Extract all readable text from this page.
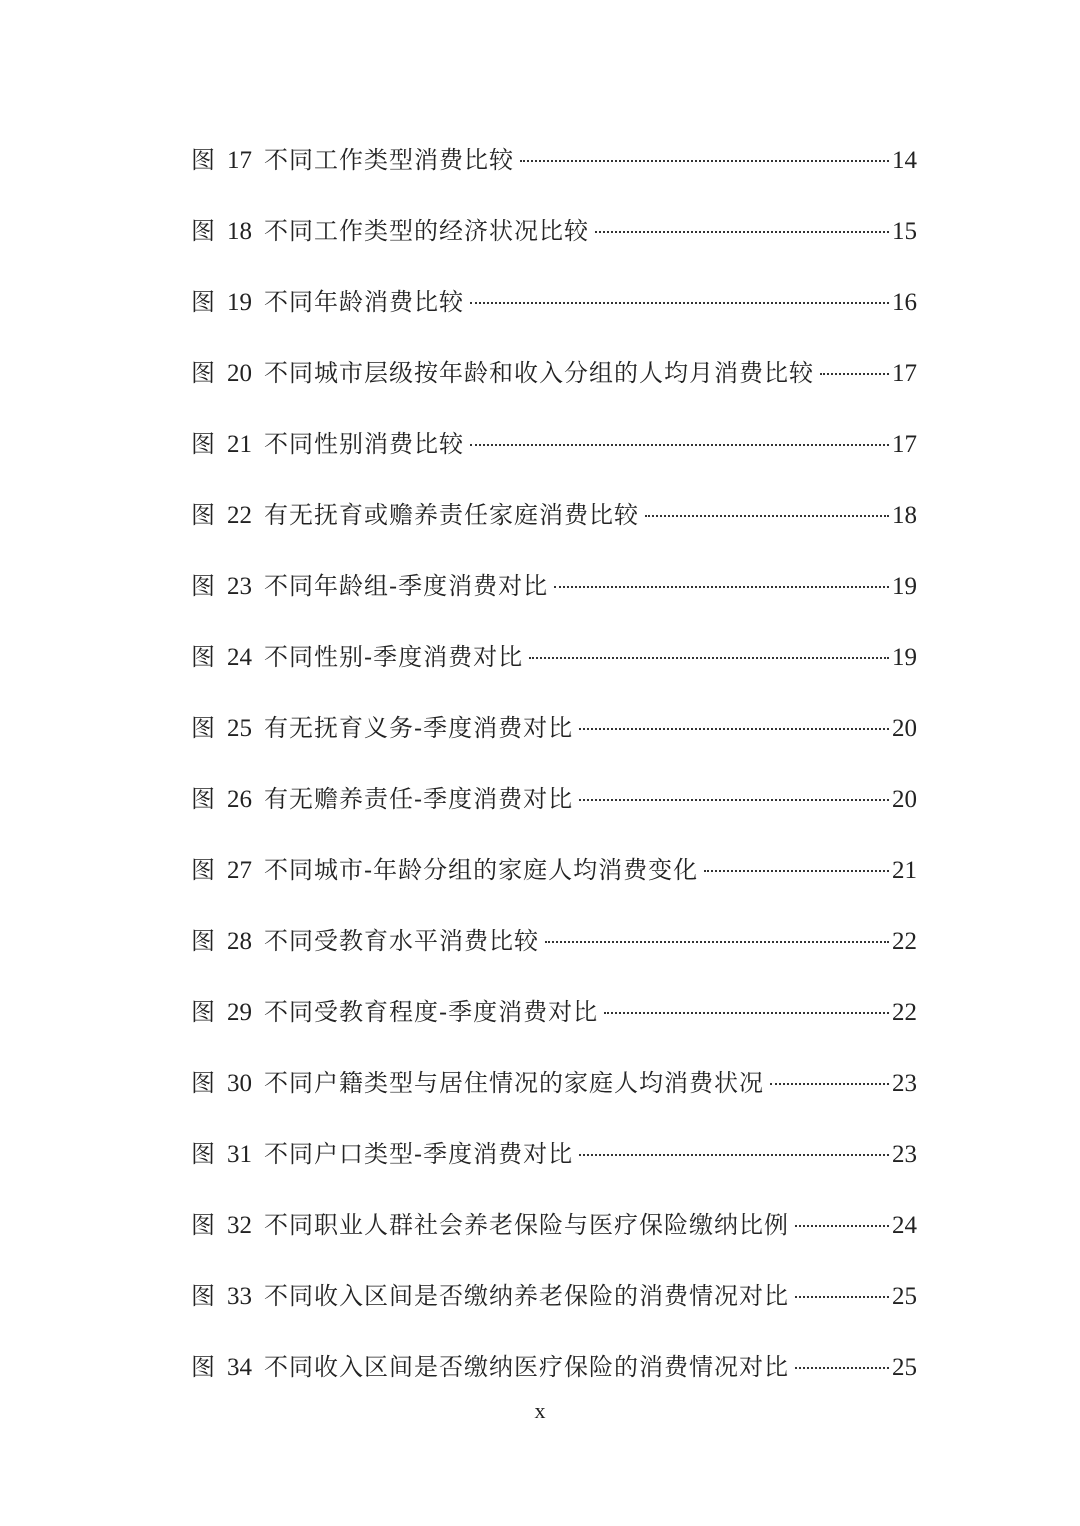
图 17 不同工作类型消费比较	14
图 18 不同工作类型的经济状况比较	15
图 19 不同年龄消费比较	16
图 20 不同城市层级按年龄和收入分组的人均月消费比较	17
图 21 不同性别消费比较	17
图 22 有无抚育或赡养责任家庭消费比较	18
图 23 不同年龄组-季度消费对比	19
图 24 不同性别-季度消费对比	19
图 25 有无抚育义务-季度消费对比	20
图 26 有无赡养责任-季度消费对比	20
图 27 不同城市-年龄分组的家庭人均消费变化	21
图 28 不同受教育水平消费比较	22
图 29 不同受教育程度-季度消费对比	22
图 30 不同户籍类型与居住情况的家庭人均消费状况	23
图 31 不同户口类型-季度消费对比	23
图 32 不同职业人群社会养老保险与医疗保险缴纳比例	24
图 33 不同收入区间是否缴纳养老保险的消费情况对比	25
图 34 不同收入区间是否缴纳医疗保险的消费情况对比	25
x
